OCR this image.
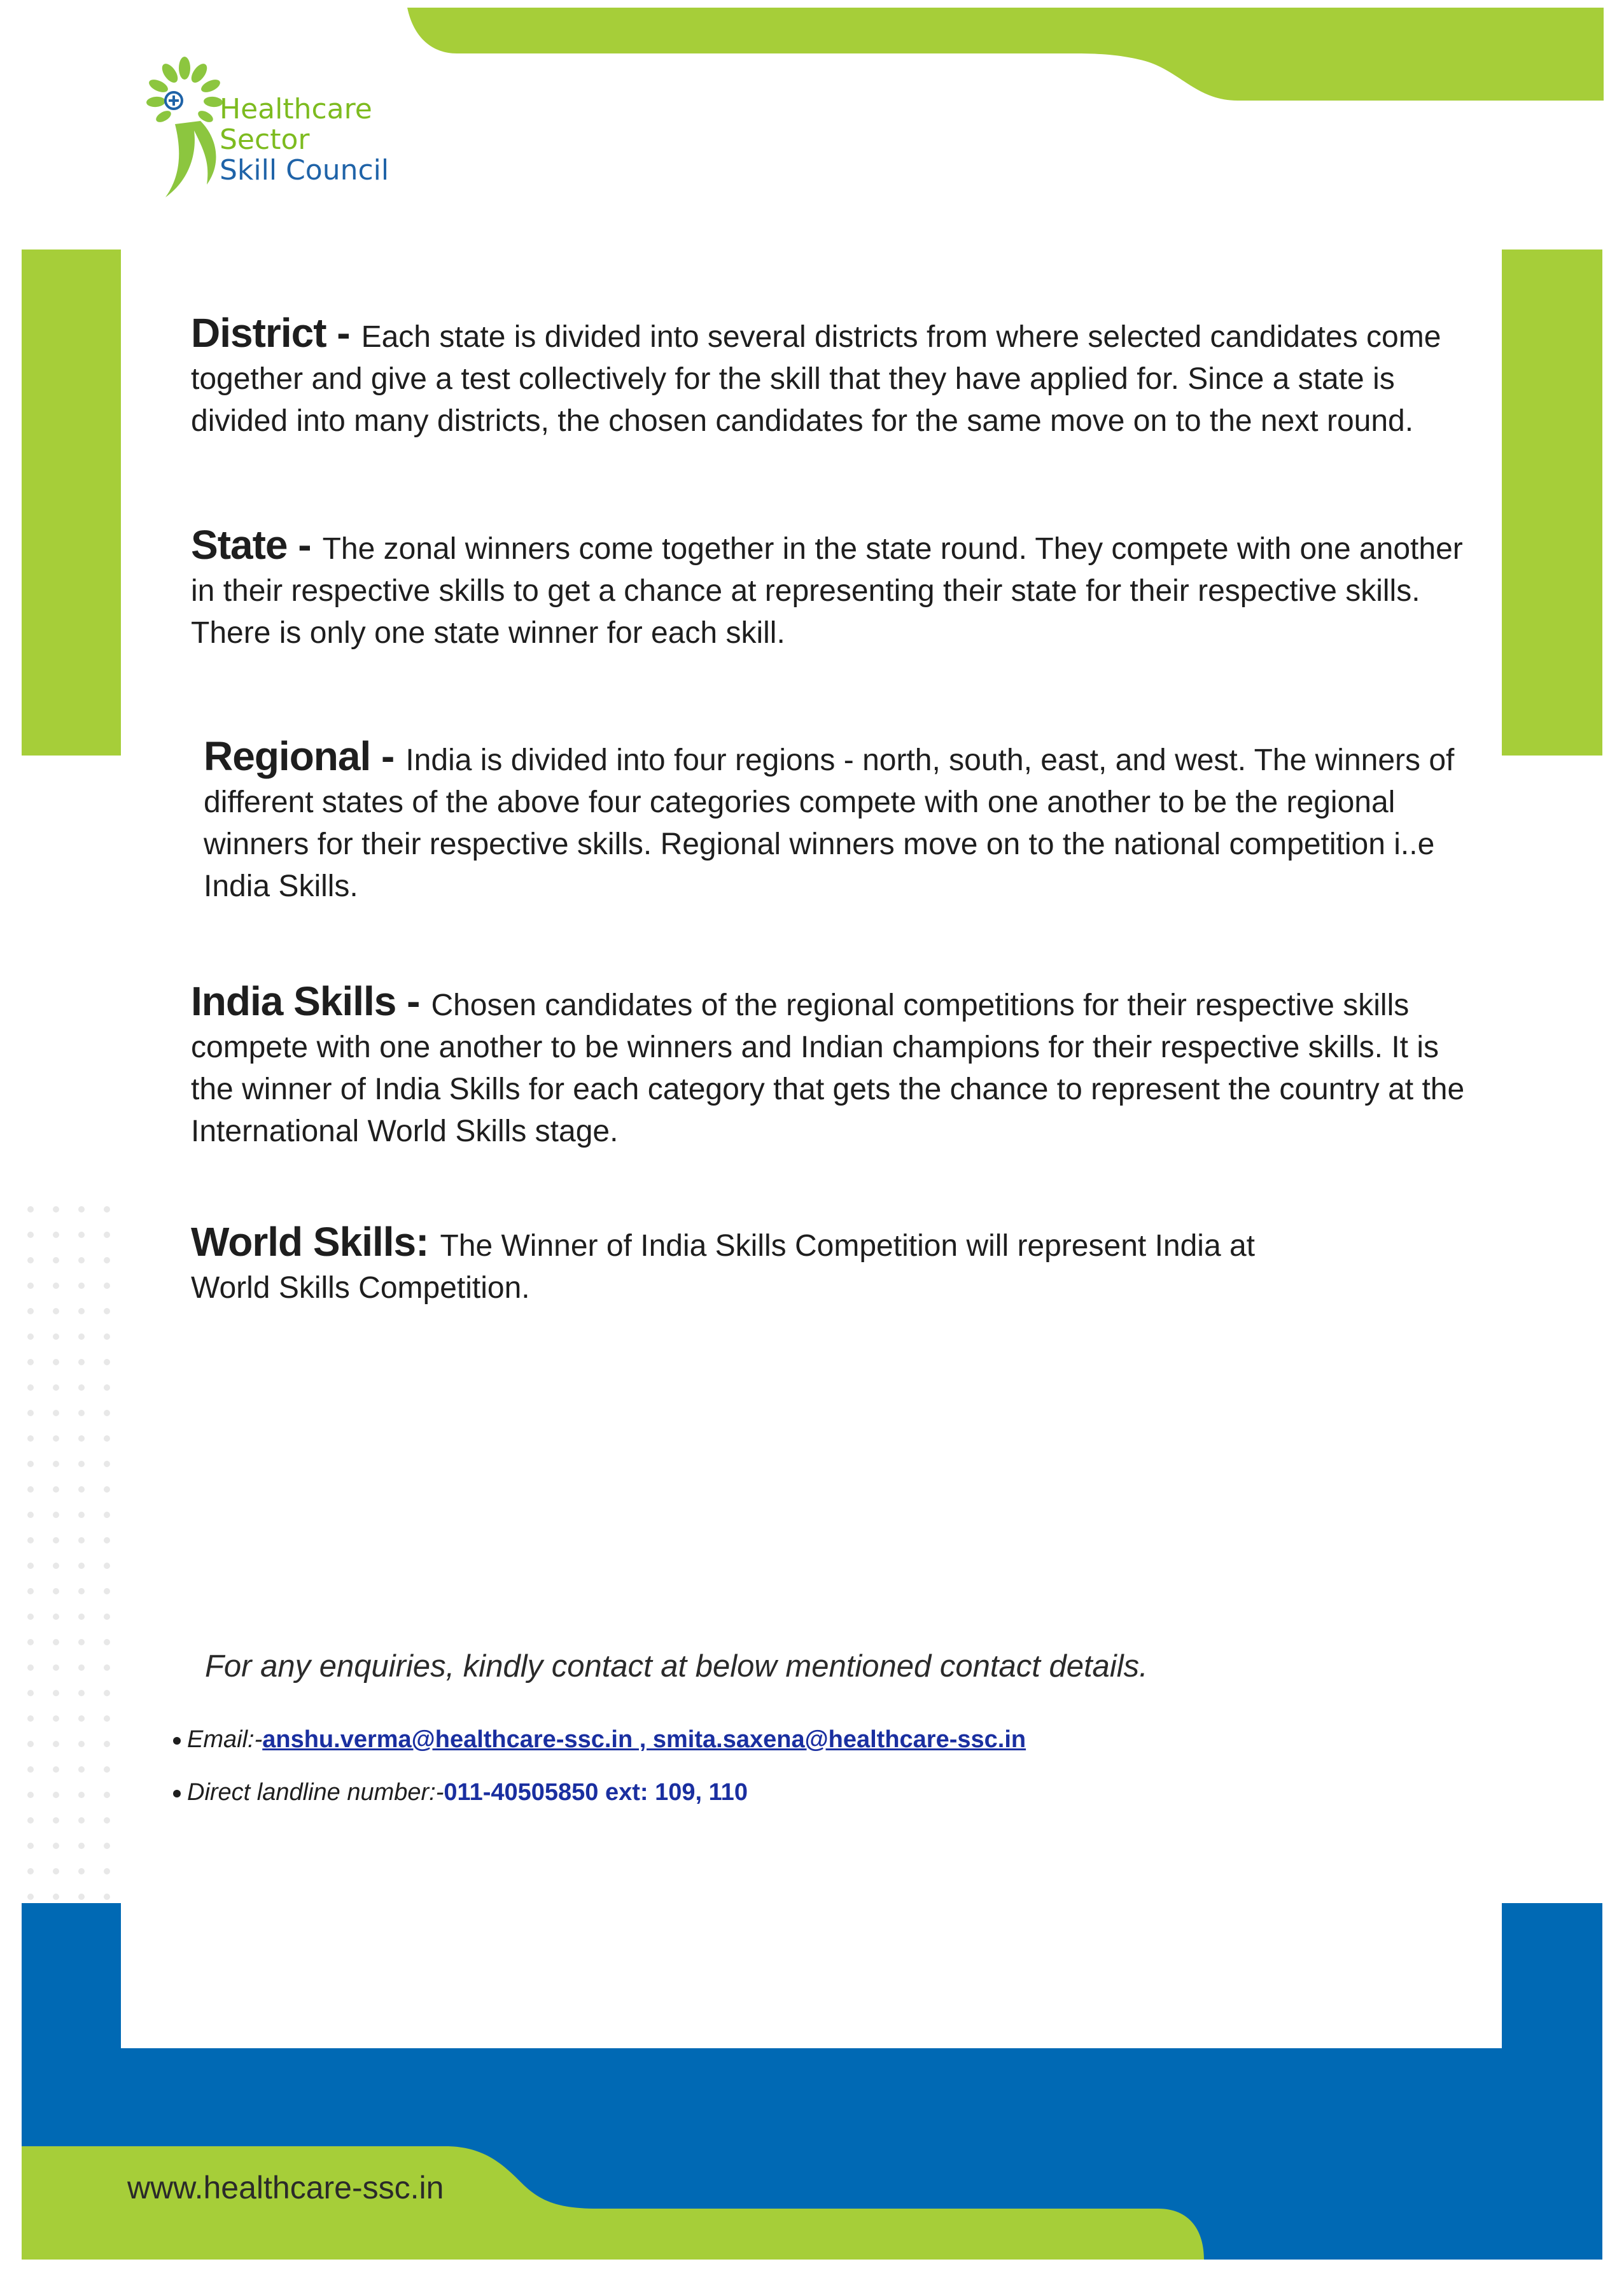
Healthcare
Sector
Skill Council
District - Each state is divided into several districts from where selected candidates come together and give a test collectively for the skill that they have applied for. Since a state is divided into many districts, the chosen candidates for the same move on to the next round.
State - The zonal winners come together in the state round. They compete with one another in their respective skills to get a chance at representing their state for their respective skills. There is only one state winner for each skill.
Regional - India is divided into four regions - north, south, east, and west. The winners of different states of the above four categories compete with one another to be the regional winners for their respective skills. Regional winners move on to the national competition i..e India Skills.
India Skills - Chosen candidates of the regional competitions for their respective skills compete with one another to be winners and Indian champions for their respective skills. It is the winner of India Skills for each category that gets the chance to represent the country at the International World Skills stage.
World Skills: The Winner of India Skills Competition will represent India at World Skills Competition.
For any enquiries, kindly contact at below mentioned contact details.
Email:-anshu.verma@healthcare-ssc.in , smita.saxena@healthcare-ssc.in
Direct landline number:-011-40505850 ext: 109, 110
www.healthcare-ssc.in
